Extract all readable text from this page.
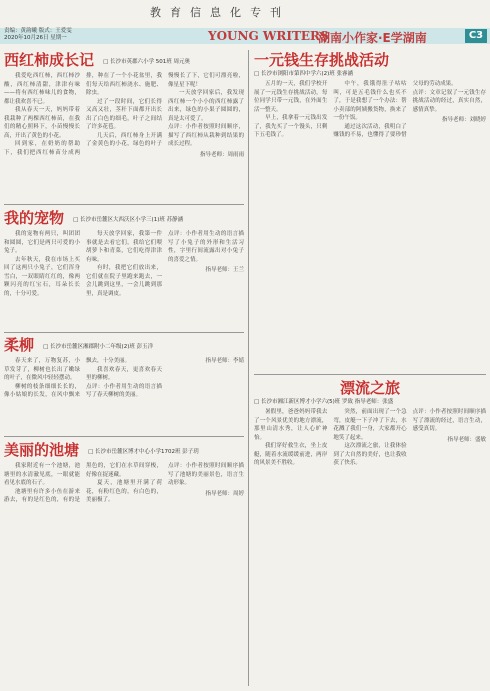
教育信息化专刊
责编：黄韵曦 版式：王爱雯
2020年10月26日 星期一	YOUNG WRITERS
湖南小作家·E学湖南	C3
西红柿成长记 □ 长沙市英郡六小学 501班 周元奥

我爱吃西红柿，西红柿沙酸，西红柿清甜，津津有味——将有西红柿味儿的食物，都让我欢喜不已。

我从春天一天，妈妈带着我栽种了两棵西红柿苗，在我们的精心照料下，小苗慢慢长高，开出了黄色的小花。

回到家，在奶奶的帮助下，我们把西红柿苗分成两排，种在了一个小花盆里，我们每天给西红柿浇水、施肥、除虫。

过了一段时间，它们长得又高又壮，茎秆下面都开出长出了白色的细毛，叶子之间结了许多花苞。

几天后，西红柿身上开满了金黄色的小花，绿色的叶子慢慢长了下，它们可漂亮啦，像星星下呢！

一天放学回家后，我发现西红柿一个小小的西红柿露了出来，绿色的小果子圆圆的，真是太可爱了。

点评：小作者按照时间顺序，描写了西红柿从栽种到结果的成长过程。
指导老师：周雨雨
我的宠物 □ 长沙市岳麓区大西沃区小学三(1)班 苏静涵

我的宠物有两只，叫团团和圆圆，它们是两只可爱的小兔子。

去年秋天，我在市场上买回了这两只小兔子，它们浑身雪白，一双眼睛红红的，像两颗闪亮的红宝石，耳朵长长的，十分可爱。

每天放学回家，我第一件事就是去看它们，我给它们喂胡萝卜和青菜，它们吃得津津有味。

有时，我把它们放出来，它们就在院子里跑来跑去，一会儿跳到这里，一会儿跳到那里，真是调皮。

点评：小作者用生动的语言描写了小兔子的外形和生活习性，字里行间流露出对小兔子的喜爱之情。
指导老师：王兰
柔柳 □ 长沙市岳麓区湘郡附小二年级(2)班 彭玉洋

春天来了，万物复苏，小草发芽了，柳树也长出了嫩绿的叶子，在微风中轻轻摆动。

柳树的枝条细细长长的，像小姑娘的长发，在风中飘来飘去，十分美丽。

我喜欢春天，更喜欢春天里的柳树。

点评：小作者用生动的语言描写了春天柳树的美丽。
指导老师：李婧
美丽的池塘 □ 长沙市岳麓区博才中心小学1702班 彭子玥

我家附近有一个池塘，池塘里的水清澈见底，一眼就能看见水底的石子。

池塘里有许多小鱼在游来游去，有的是红色的，有的是黑色的，它们在水草间穿梭，好像在捉迷藏。

夏天，池塘里开满了荷花，有粉红色的，有白色的，美丽极了。

点评：小作者按照时间顺序描写了池塘的美丽景色，语言生动形象。
指导老师：周婷
一元钱生存挑战活动
□ 长沙市浏阳市第四中学六(2)班 张睿涵

五月的一天，我们学校开展了一元钱生存挑战活动，每位同学只带一元钱，在外面生活一整天。

早上，我拿着一元钱出发了，我先买了一个馒头，只剩下五毛钱了。

中午，我饿得肚子咕咕叫，可是五毛钱什么也买不了，于是我想了一个办法：帮小卖部的阿姨搬货物，换来了一份午饭。

通过这次活动，我明白了赚钱的不易，也懂得了要珍惜父母的劳动成果。

点评：文章记叙了一元钱生存挑战活动的经过，真实自然，感情真挚。
指导老师：刘晓婷
漂流之旅
□ 长沙市湘江新区博才小学六(5)班 罗致 指导老师：张盛

暑假里，爸爸妈妈带我去了一个风景优美的地方漂流，那里山清水秀，让人心旷神怡。

我们穿好救生衣，坐上皮艇，随着水流缓缓前进，两岸的风景美不胜收。

突然，前面出现了一个急弯，皮艇一下子冲了下去，水花溅了我们一身，大家都开心地笑了起来。

这次漂流之旅，让我体验到了大自然的美好，也让我收获了快乐。

点评：小作者按照时间顺序描写了漂流的经过，语言生动，感受真切。
指导老师：盛敏
